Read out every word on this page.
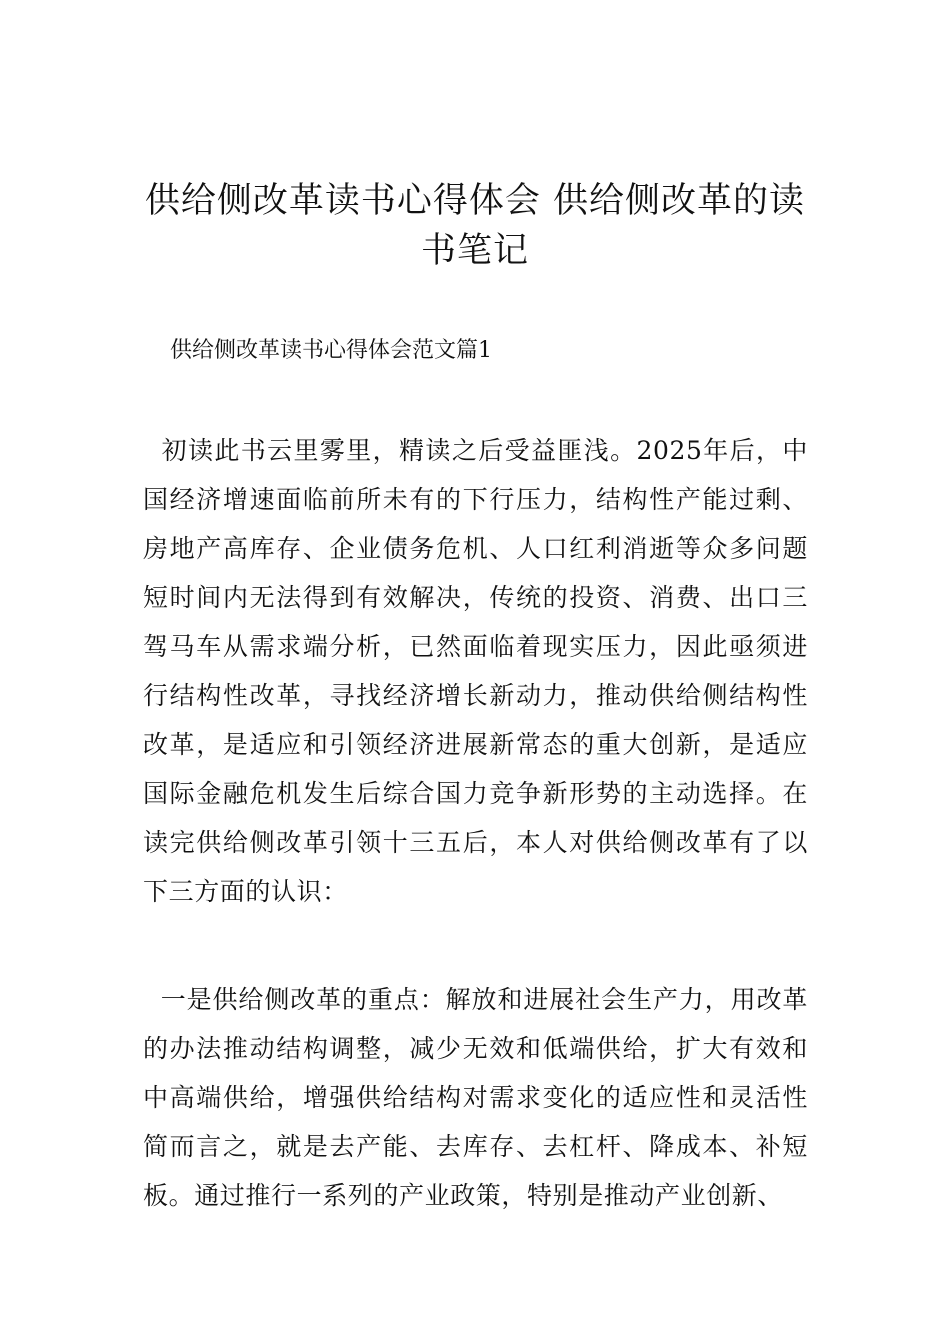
供给侧改革读书心得体会 供给侧改革的读书笔记

供给侧改革读书心得体会范文篇1

初读此书云里雾里，精读之后受益匪浅。2025年后，中国经济增速面临前所未有的下行压力，结构性产能过剩、房地产高库存、企业债务危机、人口红利消逝等众多问题短时间内无法得到有效解决，传统的投资、消费、出口三驾马车从需求端分析，已然面临着现实压力，因此亟须进行结构性改革，寻找经济增长新动力，推动供给侧结构性改革，是适应和引领经济进展新常态的重大创新，是适应国际金融危机发生后综合国力竞争新形势的主动选择。在读完供给侧改革引领十三五后，本人对供给侧改革有了以下三方面的认识：

一是供给侧改革的重点：解放和进展社会生产力，用改革的办法推动结构调整，减少无效和低端供给，扩大有效和中高端供给，增强供给结构对需求变化的适应性和灵活性简而言之，就是去产能、去库存、去杠杆、降成本、补短板。通过推行一系列的产业政策，特别是推动产业创新、
